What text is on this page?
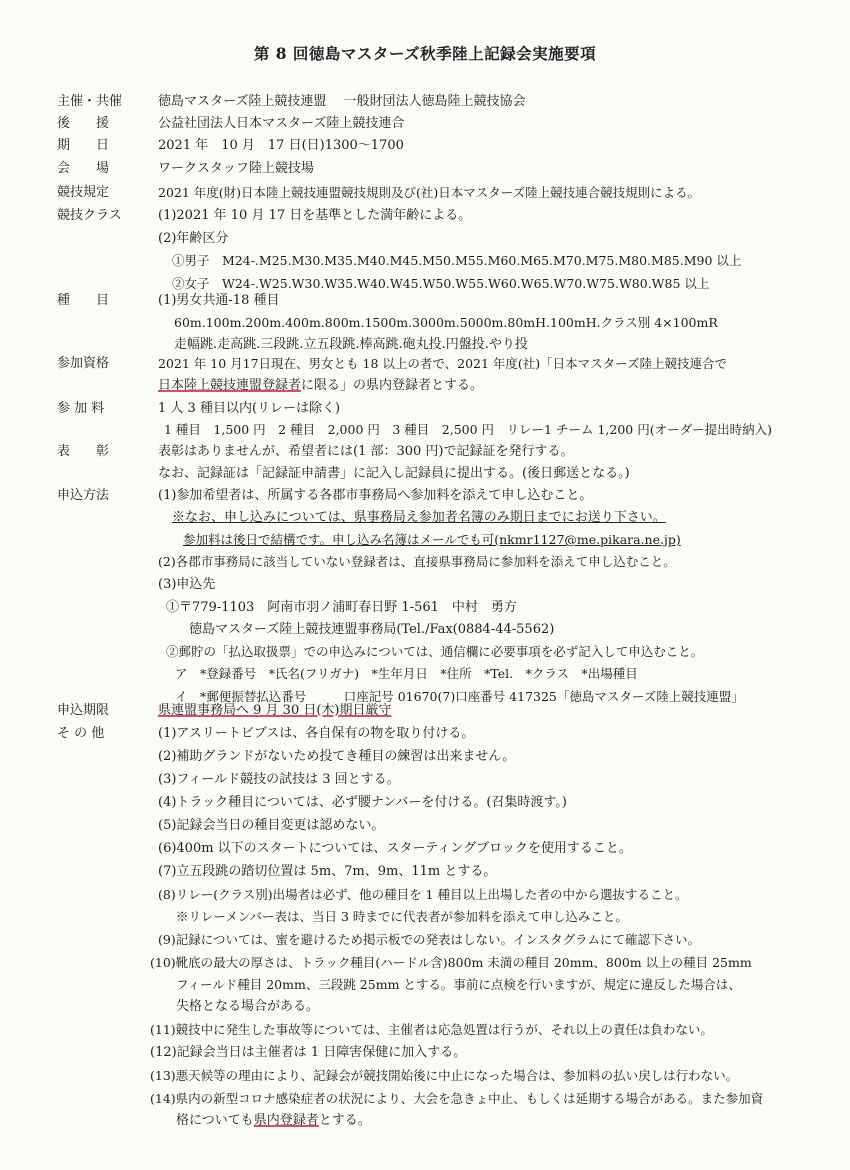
第 8 回徳島マスターズ秋季陸上記録会実施要項
主催・共催
後　　援
期　　日
会　　場
競技規定
競技クラス
種　　目
参加資格
参 加 料
表　　彰
申込方法
申込期限
そ の 他
徳島マスターズ陸上競技連盟　 一般財団法人徳島陸上競技協会
公益社団法人日本マスターズ陸上競技連合
2021 年　10 月　17 日(日)1300～1700
ワークスタッフ陸上競技場
2021 年度(財)日本陸上競技連盟競技規則及び(社)日本マスターズ陸上競技連合競技規則による。
(1)2021 年 10 月 17 日を基準とした満年齢による。
(2)年齢区分
①男子　M24-.M25.M30.M35.M40.M45.M50.M55.M60.M65.M70.M75.M80.M85.M90 以上
②女子　W24-.W25.W30.W35.W40.W45.W50.W55.W60.W65.W70.W75.W80.W85 以上
(1)男女共通-18 種目
60m.100m.200m.400m.800m.1500m.3000m.5000m.80mH.100mH.クラス別 4×100mR
走幅跳.走高跳.三段跳.立五段跳.棒高跳.砲丸投.円盤投.やり投
2021 年 10 月17日現在、男女とも 18 以上の者で、2021 年度(社)「日本マスターズ陸上競技連合で
日本陸上競技連盟登録者に限る」の県内登録者とする。
1 人 3 種目以内(リレーは除く)
1 種目　1,500 円　2 種目　2,000 円　3 種目　2,500 円　リレー1 チーム 1,200 円(オーダー提出時納入)
表彰はありませんが、希望者には(1 部：300 円)で記録証を発行する。
なお、記録証は「記録証申請書」に記入し記録員に提出する。(後日郵送となる。)
(1)参加希望者は、所属する各郡市事務局へ参加料を添えて申し込むこと。
※なお、申し込みについては、県事務局え参加者名簿のみ期日までにお送り下さい。
参加料は後日で結構です。申し込み名簿はメールでも可(nkmr1127@me.pikara.ne.jp)
(2)各郡市事務局に該当していない登録者は、直接県事務局に参加料を添えて申し込むこと。
(3)申込先
①〒779-1103　阿南市羽ノ浦町春日野 1-561　中村　勇方
徳島マスターズ陸上競技連盟事務局(Tel./Fax(0884-44-5562)
②郵貯の「払込取扱票」での申込みについては、通信欄に必要事項を必ず記入して申込むこと。
ア　*登録番号　*氏名(フリガナ)　*生年月日　*住所　*Tel.　*クラス　*出場種目
イ　*郵便振替払込番号　　　口座記号 01670(7)口座番号 417325「徳島マスターズ陸上競技連盟」
県連盟事務局へ 9 月 30 日(木)期日厳守
(1)アスリートビブスは、各自保有の物を取り付ける。
(2)補助グランドがないため投てき種目の練習は出来ません。
(3)フィールド競技の試技は 3 回とする。
(4)トラック種目については、必ず腰ナンバーを付ける。(召集時渡す。)
(5)記録会当日の種目変更は認めない。
(6)400m 以下のスタートについては、スターティングブロックを使用すること。
(7)立五段跳の踏切位置は 5m、7m、9m、11m とする。
(8)リレー(クラス別)出場者は必ず、他の種目を 1 種目以上出場した者の中から選抜すること。
※リレーメンバー表は、当日 3 時までに代表者が参加料を添えて申し込みこと。
(9)記録については、蜜を避けるため掲示板での発表はしない。インスタグラムにて確認下さい。
(10)靴底の最大の厚さは、トラック種目(ハードル含)800m 未満の種目 20mm、800m 以上の種目 25mm
フィールド種目 20mm、三段跳 25mm とする。事前に点検を行いますが、規定に違反した場合は、
失格となる場合がある。
(11)競技中に発生した事故等については、主催者は応急処置は行うが、それ以上の責任は負わない。
(12)記録会当日は主催者は 1 日障害保健に加入する。
(13)悪天候等の理由により、記録会が競技開始後に中止になった場合は、参加料の払い戻しは行わない。
(14)県内の新型コロナ感染症者の状況により、大会を急きょ中止、もしくは延期する場合がある。また参加資
格についても県内登録者とする。
